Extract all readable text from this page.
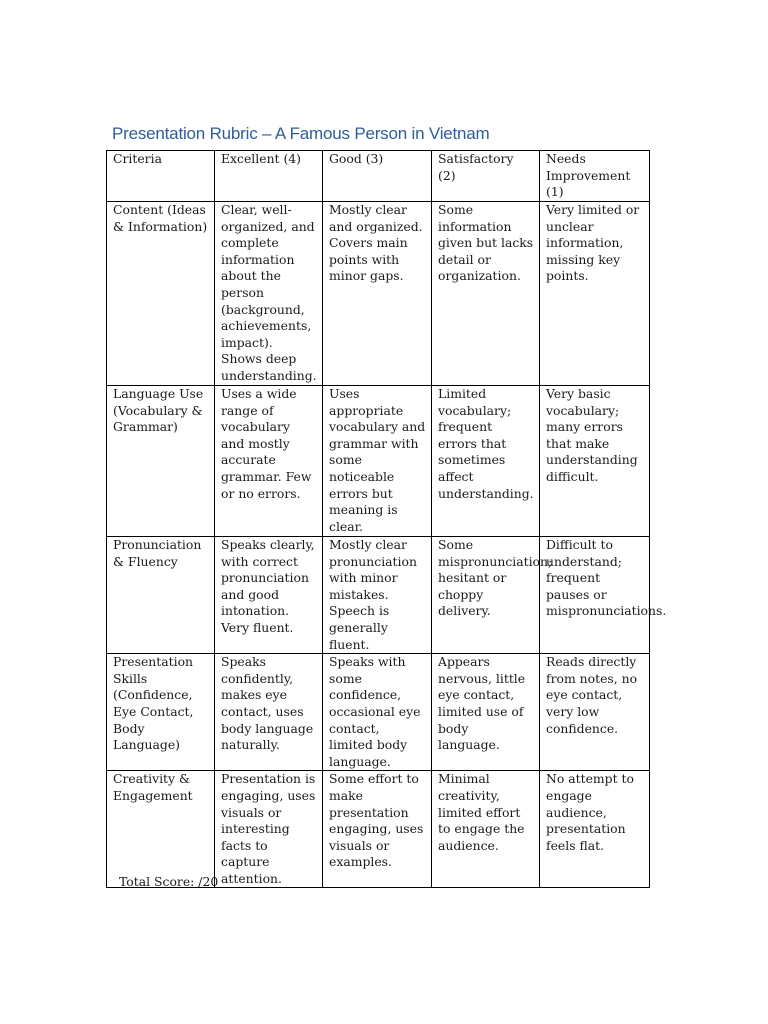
Presentation Rubric – A Famous Person in Vietnam
Criteria	Excellent (4)	Good (3)	Satisfactory (2)	Needs Improvement (1)
Content (Ideas & Information)	Clear, well-organized, and complete information about the person (background, achievements, impact). Shows deep understanding.	Mostly clear and organized. Covers main points with minor gaps.	Some information given but lacks detail or organization.	Very limited or unclear information, missing key points.
Language Use (Vocabulary & Grammar)	Uses a wide range of vocabulary and mostly accurate grammar. Few or no errors.	Uses appropriate vocabulary and grammar with some noticeable errors but meaning is clear.	Limited vocabulary; frequent errors that sometimes affect understanding.	Very basic vocabulary; many errors that make understanding difficult.
Pronunciation & Fluency	Speaks clearly, with correct pronunciation and good intonation. Very fluent.	Mostly clear pronunciation with minor mistakes. Speech is generally fluent.	Some mispronunciation; hesitant or choppy delivery.	Difficult to understand; frequent pauses or mispronunciations.
Presentation Skills (Confidence, Eye Contact, Body Language)	Speaks confidently, makes eye contact, uses body language naturally.	Speaks with some confidence, occasional eye contact, limited body language.	Appears nervous, little eye contact, limited use of body language.	Reads directly from notes, no eye contact, very low confidence.
Creativity & Engagement	Presentation is engaging, uses visuals or interesting facts to capture attention.	Some effort to make presentation engaging, uses visuals or examples.	Minimal creativity, limited effort to engage the audience.	No attempt to engage audience, presentation feels flat.
Total Score: /20
